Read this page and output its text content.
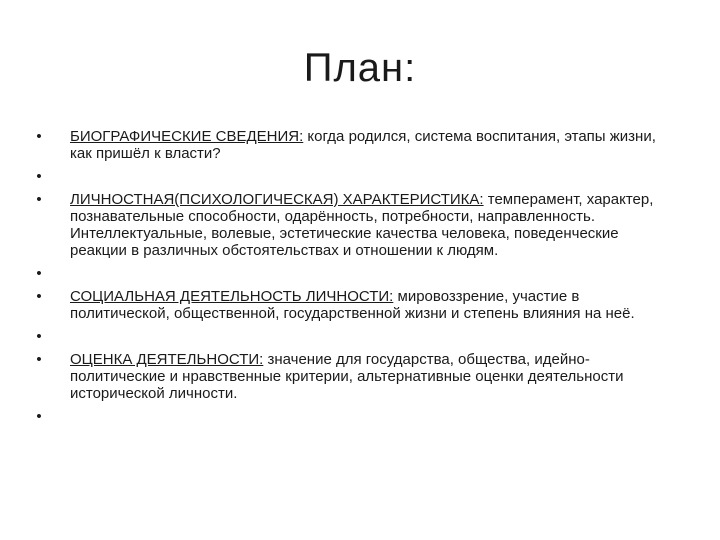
План:
• БИОГРАФИЧЕСКИЕ СВЕДЕНИЯ: когда родился, система воспитания, этапы жизни, как пришёл к власти?
•
• ЛИЧНОСТНАЯ(ПСИХОЛОГИЧЕСКАЯ) ХАРАКТЕРИСТИКА: темперамент, характер, познавательные способности, одарённость, потребности, направленность. Интеллектуальные, волевые, эстетические качества человека, поведенческие реакции в различных обстоятельствах и отношении к людям.
•
• СОЦИАЛЬНАЯ ДЕЯТЕЛЬНОСТЬ ЛИЧНОСТИ: мировоззрение, участие в политической, общественной, государственной жизни и степень влияния на неё.
•
• ОЦЕНКА ДЕЯТЕЛЬНОСТИ: значение для государства, общества, идейно-политические и нравственные критерии, альтернативные оценки деятельности исторической личности.
•
